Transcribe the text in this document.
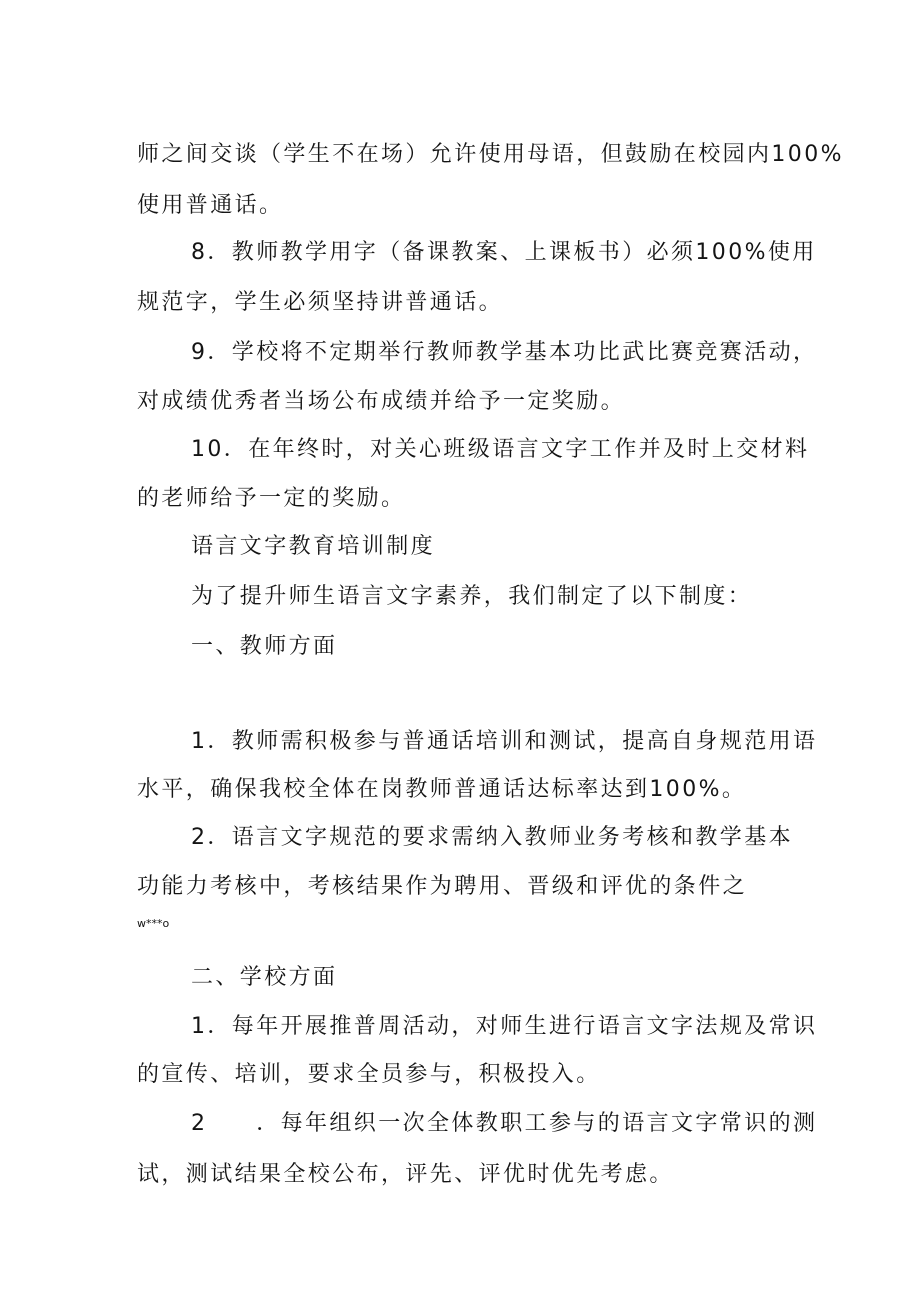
师之间交谈（学生不在场）允许使用母语，但鼓励在校园内100%

使用普通话。

8．教师教学用字（备课教案、上课板书）必须100%使用

规范字，学生必须坚持讲普通话。

9．学校将不定期举行教师教学基本功比武比赛竞赛活动，

对成绩优秀者当场公布成绩并给予一定奖励。

10．在年终时，对关心班级语言文字工作并及时上交材料

的老师给予一定的奖励。

语言文字教育培训制度

为了提升师生语言文字素养，我们制定了以下制度：

一、教师方面

1．教师需积极参与普通话培训和测试，提高自身规范用语

水平，确保我校全体在岗教师普通话达标率达到100%。

2．语言文字规范的要求需纳入教师业务考核和教学基本

功能力考核中，考核结果作为聘用、晋级和评优的条件之

w***o

二、学校方面

1．每年开展推普周活动，对师生进行语言文字法规及常识

的宣传、培训，要求全员参与，积极投入。

2　　．每年组织一次全体教职工参与的语言文字常识的测

试，测试结果全校公布，评先、评优时优先考虑。
